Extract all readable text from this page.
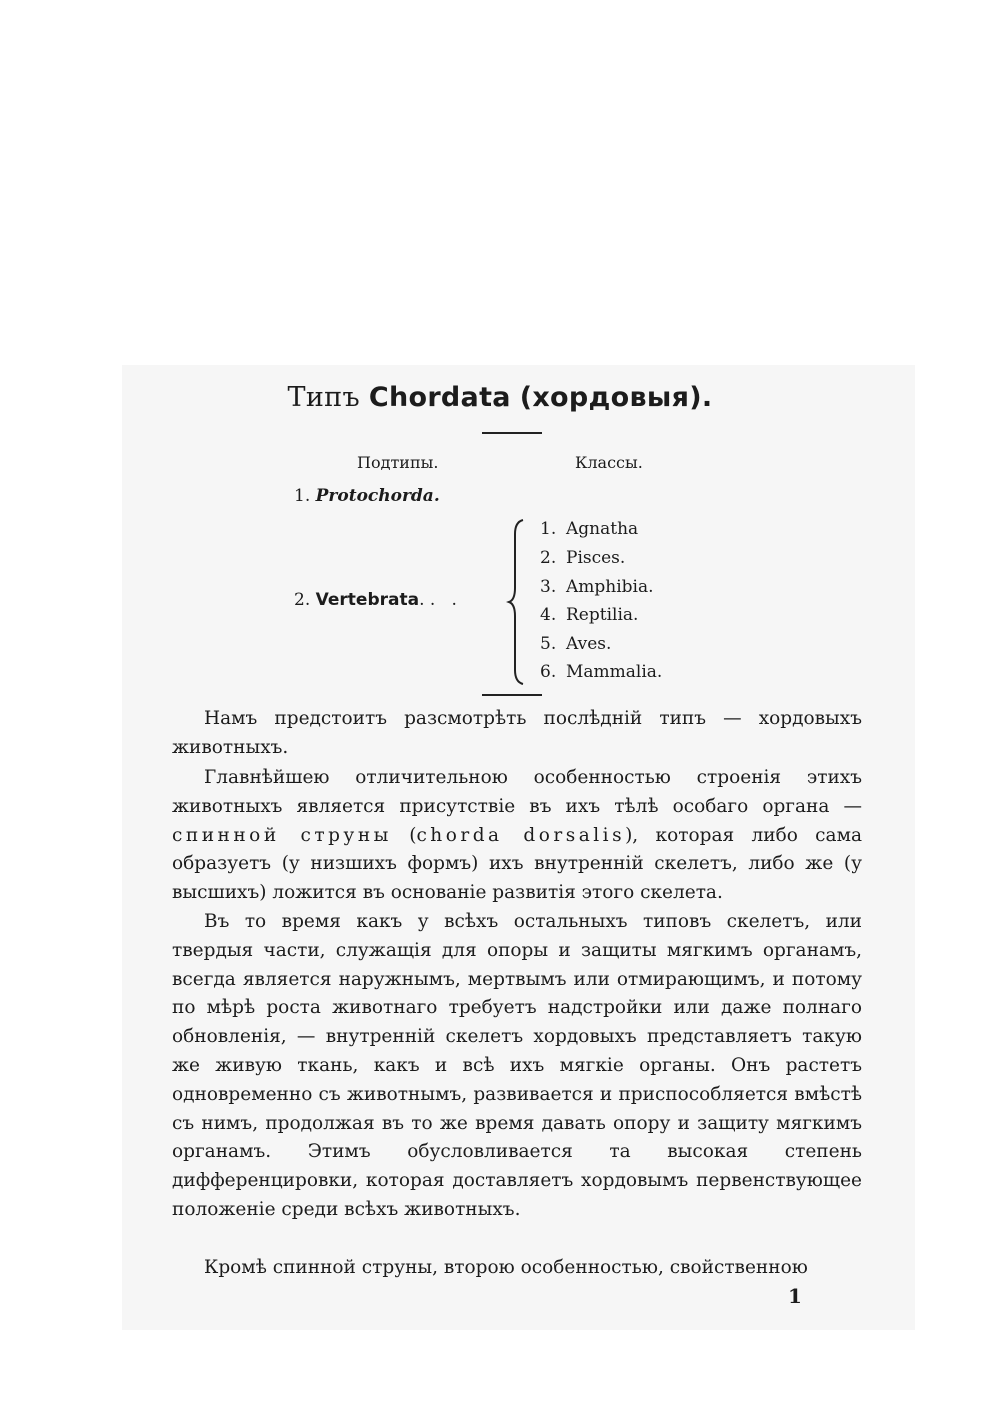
Типъ Chordata (хордовыя).
Подтипы.	Классы.
1. Protochorda.
2. Vertebrata. .   .
1. Agnatha
2. Pisces.
3. Amphibia.
4. Reptilia.
5. Aves.
6. Mammalia.

Намъ предстоитъ разсмотрѣть послѣдній типъ — хордовыхъ животныхъ.

Главнѣйшею отличительною особенностью строенія этихъ животныхъ является присутствіе въ ихъ тѣлѣ особаго органа — спинной струны (chorda dorsalis), которая либо сама образуетъ (у низшихъ формъ) ихъ внутренній скелетъ, либо же (у высшихъ) ложится въ основаніе развитія этого скелета.

Въ то время какъ у всѣхъ остальныхъ типовъ скелетъ, или твердыя части, служащія для опоры и защиты мягкимъ органамъ, всегда является наружнымъ, мертвымъ или отмирающимъ, и потому по мѣрѣ роста животнаго требуетъ надстройки или даже полнаго обновленія, — внутренній скелетъ хордовыхъ представляетъ такую же живую ткань, какъ и всѣ ихъ мягкіе органы. Онъ растетъ одновременно съ животнымъ, развивается и приспособляется вмѣстѣ съ нимъ, продолжая въ то же время давать опору и защиту мягкимъ органамъ. Этимъ обусловливается та высокая степень дифференцировки, которая доставляетъ хордовымъ первенствующее положеніе среди всѣхъ животныхъ.

Кромѣ спинной струны, второю особенностью, свойственною

1
